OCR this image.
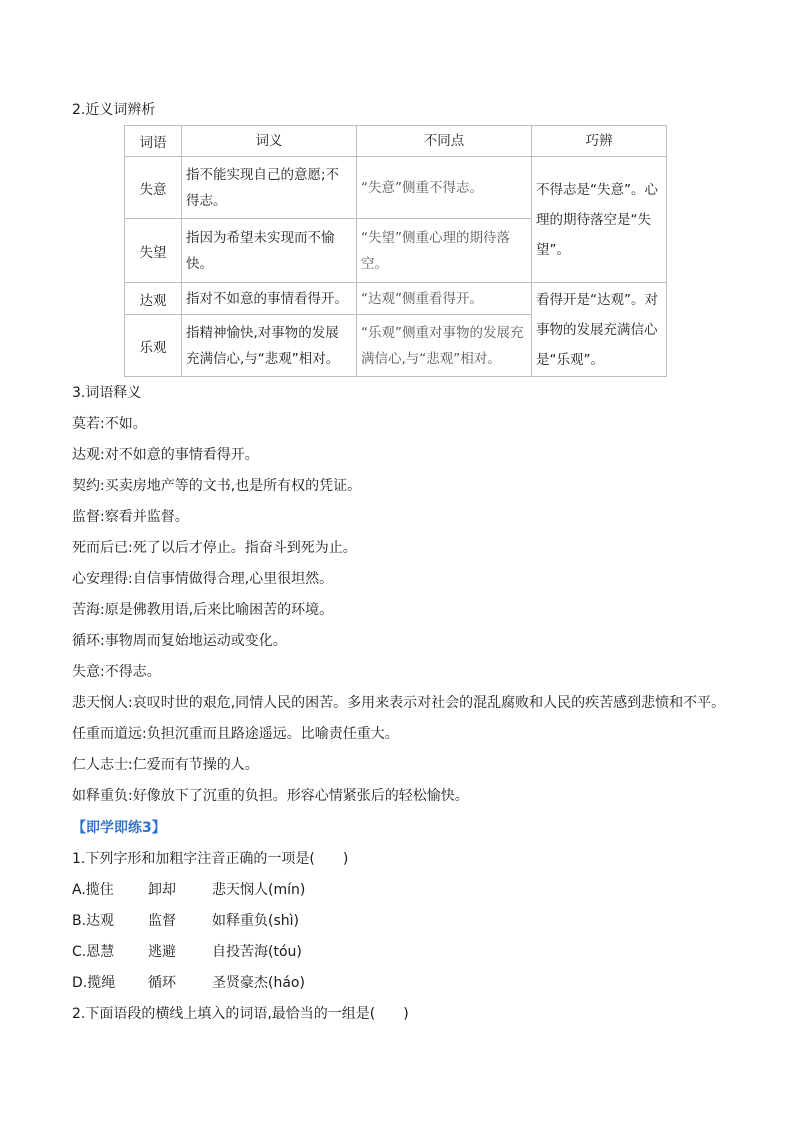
2.近义词辨析
词语	词义	不同点	巧辨
失意	指不能实现自己的意愿;不得志。	“失意”侧重不得志。	不得志是“失意”。心理的期待落空是“失望”。
失望	指因为希望未实现而不愉快。	“失望”侧重心理的期待落空。	
达观	指对不如意的事情看得开。	“达观”侧重看得开。	看得开是“达观”。对事物的发展充满信心是“乐观”。
乐观	指精神愉快,对事物的发展充满信心,与“悲观”相对。	“乐观”侧重对事物的发展充满信心,与“悲观”相对。	
3.词语释义
莫若:不如。
达观:对不如意的事情看得开。
契约:买卖房地产等的文书,也是所有权的凭证。
监督:察看并监督。
死而后已:死了以后才停止。指奋斗到死为止。
心安理得:自信事情做得合理,心里很坦然。
苦海:原是佛教用语,后来比喻困苦的环境。
循环:事物周而复始地运动或变化。
失意:不得志。
悲天悯人:哀叹时世的艰危,同情人民的困苦。多用来表示对社会的混乱腐败和人民的疾苦感到悲愤和不平。
任重而道远:负担沉重而且路途遥远。比喻责任重大。
仁人志士:仁爱而有节操的人。
如释重负:好像放下了沉重的负担。形容心情紧张后的轻松愉快。
【即学即练3】
1.下列字形和加粗字注音正确的一项是(　　)
A.揽住 卸却	悲天悯人(mín)
B.达观 监督	如释重负(shì)
C.恩慧 逃避	自投苦海(tóu)
D.揽绳 循环	圣贤豪杰(háo)
2.下面语段的横线上填入的词语,最恰当的一组是(　　)
